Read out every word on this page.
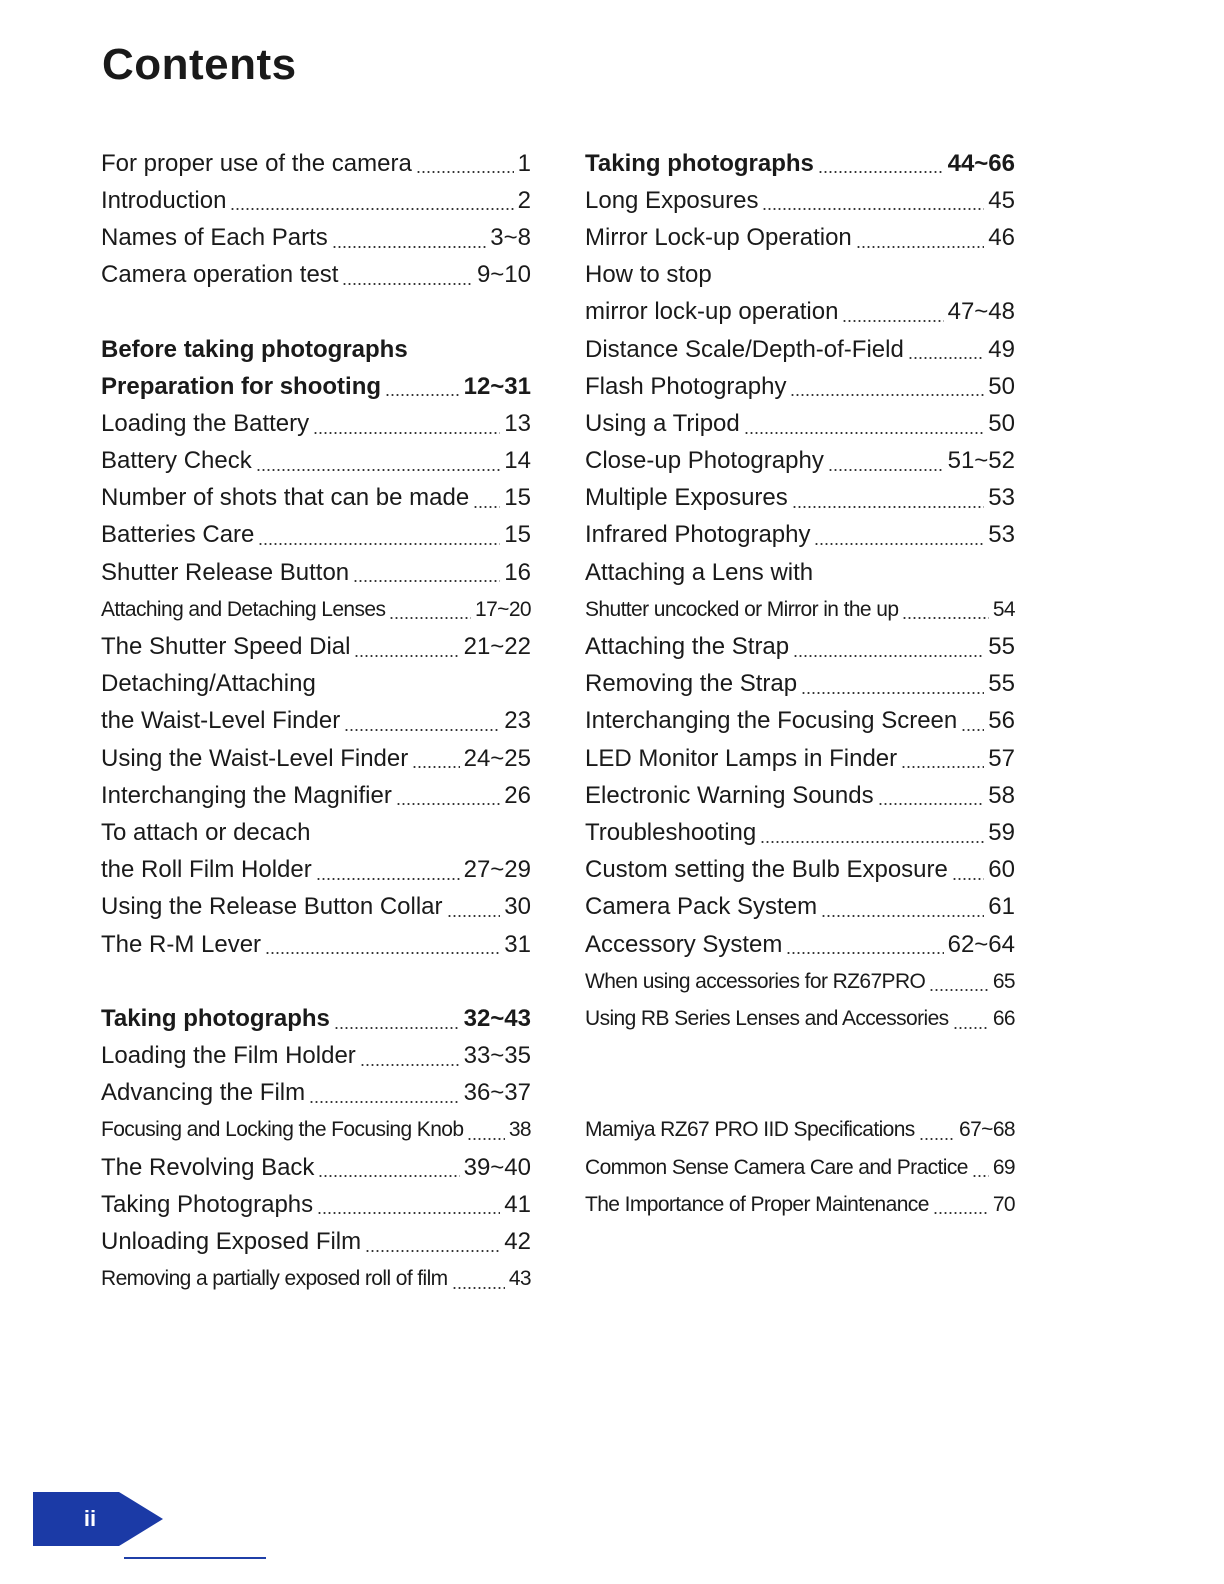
Contents
For proper use of the camera	1
Introduction	2
Names of Each Parts	3~8
Camera operation test	9~10
Before taking photographs
Preparation for shooting	12~31
Loading the Battery	13
Battery Check	14
Number of shots that can be made 15
Batteries Care	15
Shutter Release Button	16
Attaching and Detaching Lenses	17~20
The Shutter Speed Dial	21~22
Detaching/Attaching
the Waist-Level Finder	23
Using the Waist-Level Finder 24~25
Interchanging the Magnifier	26
To attach or decach
the Roll Film Holder	27~29
Using the Release Button Collar	30
The R-M Lever	31
Taking photographs	32~43
Loading the Film Holder	33~35
Advancing the Film	36~37
Focusing and Locking the Focusing Knob 38
The Revolving Back	39~40
Taking Photographs	41
Unloading Exposed Film	42
Removing a partially exposed roll of film	43
Taking photographs	44~66
Long Exposures	45
Mirror Lock-up Operation	46
How to stop
mirror lock-up operation	47~48
Distance Scale/Depth-of-Field	49
Flash Photography	50
Using a Tripod	50
Close-up Photography	51~52
Multiple Exposures	53
Infrared Photography	53
Attaching a Lens with
Shutter uncocked or Mirror in the up	54
Attaching the Strap	55
Removing the Strap	55
Interchanging the Focusing Screen 56
LED Monitor Lamps in Finder	57
Electronic Warning Sounds	58
Troubleshooting	59
Custom setting the Bulb Exposure 60
Camera Pack System	61
Accessory System	62~64
When using accessories for RZ67PRO	65
Using RB Series Lenses and Accessories 66
Mamiya RZ67 PRO IID Specifications 67~68
Common Sense Camera Care and Practice 69
The Importance of Proper Maintenance	70
ii
